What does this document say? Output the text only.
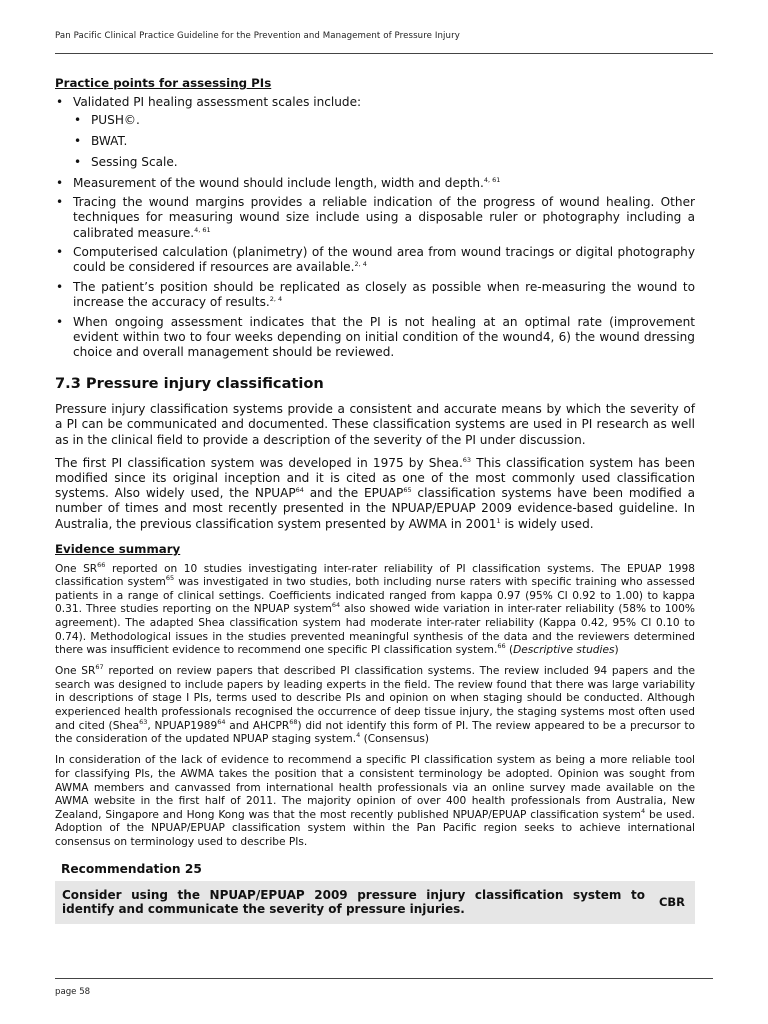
Pan Pacific Clinical Practice Guideline for the Prevention and Management of Pressure Injury
Practice points for assessing PIs
• Validated PI healing assessment scales include:
• PUSH©.
• BWAT.
• Sessing Scale.
• Measurement of the wound should include length, width and depth.$^{4, 61}$
• Tracing the wound margins provides a reliable indication of the progress of wound healing. Other techniques for measuring wound size include using a disposable ruler or photography including a calibrated measure.$^{4, 61}$
• Computerised calculation (planimetry) of the wound area from wound tracings or digital photography could be considered if resources are available.$^{2, 4}$
• The patient’s position should be replicated as closely as possible when re-measuring the wound to increase the accuracy of results.$^{2, 4}$
• When ongoing assessment indicates that the PI is not healing at an optimal rate (improvement evident within two to four weeks depending on initial condition of the wound4, 6) the wound dressing choice and overall management should be reviewed.
7.3 Pressure injury classification

Pressure injury classification systems provide a consistent and accurate means by which the severity of a PI can be communicated and documented. These classification systems are used in PI research as well as in the clinical field to provide a description of the severity of the PI under discussion.

The first PI classification system was developed in 1975 by Shea.$^{63}$ This classification system has been modified since its original inception and it is cited as one of the most commonly used classification systems. Also widely used, the NPUAP$^{64}$ and the EPUAP$^{65}$ classification systems have been modified a number of times and most recently presented in the NPUAP/EPUAP 2009 evidence-based guideline. In Australia, the previous classification system presented by AWMA in 2001$^1$ is widely used.

Evidence summary

One SR$^{66}$ reported on 10 studies investigating inter-rater reliability of PI classification systems. The EPUAP 1998 classification system$^{65}$ was investigated in two studies, both including nurse raters with specific training who assessed patients in a range of clinical settings. Coefficients indicated ranged from kappa 0.97 (95% CI 0.92 to 1.00) to kappa 0.31. Three studies reporting on the NPUAP system$^{64}$ also showed wide variation in inter-rater reliability (58% to 100% agreement). The adapted Shea classification system had moderate inter-rater reliability (Kappa 0.42, 95% CI 0.10 to 0.74). Methodological issues in the studies prevented meaningful synthesis of the data and the reviewers determined there was insufficient evidence to recommend one specific PI classification system.$^{66}$ (Descriptive studies)

One SR$^{67}$ reported on review papers that described PI classification systems. The review included 94 papers and the search was designed to include papers by leading experts in the field. The review found that there was large variability in descriptions of stage I PIs, terms used to describe PIs and opinion on when staging should be conducted. Although experienced health professionals recognised the occurrence of deep tissue injury, the staging systems most often used and cited (Shea$^{63}$, NPUAP1989$^{64}$ and AHCPR$^{68}$) did not identify this form of PI. The review appeared to be a precursor to the consideration of the updated NPUAP staging system.$^4$ (Consensus)

In consideration of the lack of evidence to recommend a specific PI classification system as being a more reliable tool for classifying PIs, the AWMA takes the position that a consistent terminology be adopted. Opinion was sought from AWMA members and canvassed from international health professionals via an online survey made available on the AWMA website in the first half of 2011. The majority opinion of over 400 health professionals from Australia, New Zealand, Singapore and Hong Kong was that the most recently published NPUAP/EPUAP classification system$^4$ be used. Adoption of the NPUAP/EPUAP classification system within the Pan Pacific region seeks to achieve international consensus on terminology used to describe PIs.

Recommendation 25
Consider using the NPUAP/EPUAP 2009 pressure injury classification system to identify and communicate the severity of pressure injuries.	CBR
page 58
